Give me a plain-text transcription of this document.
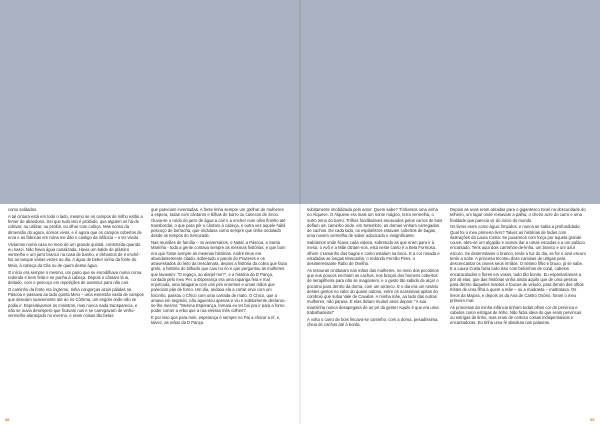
como soldados.

A tal cintura está em todo o lado, mesmo se os campos de milho estão a ferver de abandono. Sei que tudo isto é proibido, que alguém os há-de cultivar; ou utilizar, ou proibir, ou olhar com cobiça. Mas sonso da dimensão do agora, somos vivos, e é agora que os campos cobertos de erva e as fábricas em ruína me dão o castigo da infância – o ter vivido.

Vivíamos numa casa no meio de um grande quintal, construída quando eu nasci. Não havia água canalizada. Havia um balde de plástico vermelho e um jarro branco na casa de banho, e tínhamos de ir enchê-los ao tanque várias vezes ao dia. A água de beber vinha da fonte do Meio, à cabeça da Cila ou de quem desse água.

O início era sempre o mesmo, um pano que se enrodilhava numa coroa redonda e bem feita e se punha à cabeça. Depois o cântaro lá ia, deitado, com o pescoço em repetições de avestruz para não cair.

O caminho da fonte era íngreme, tinha congorças azuis pálidas na Páscoa e passava ao lado quinta Meio – uma extensão vasta de campos que desciam suavemente até ao rio Côrtima, um esgoto onde não se podia ir. Espreitávamos os ministros, mas nunca nada transparecia, e não se ouvia desespero que ficavam nus e se carregavam de vinho-vermelho-alaranjado no inverno, e eram coisas tão belas

que pareciam inventadas. A fonte tinha sempre um grelhar de mulheres à espera, todas com cântaros e bilhas de barro ou canecos de zinco. Ouvia-se o ruído do jarro de água a cair e a encher num olivo fininho até transbordar, o que para pôr o cântaro à cabeça, e outra vez aquele hábil pescoço de borracha, que ondulava como sempre que tinha ondulado desde os tempos do Xenozade.

Nas reuniões de família – os aniversários, o Natal, a Páscoa, a Santa Marinha - toda a gente contava sempre as mesmas histórias, e que bom era que fosse sempre as mesmas histórias. André Brun era abundantemente citado, sobretudo o parolo do Prazeres e os atravessados do leito da trescâmara, depois a história da cobra que fazia grelo, a história do bilhado que caiu no rio e que perguntou às mulheres que lavavam: "O regaço, ao alarjel-me?", e a história da D Pança, contada pelo meu Pei: a Esperança era uma rapariga feia e mal enjorcada, uma lataguina com uns pés enormes e umas mãos que pareciam pás de forno. Um dia, andava ela a cortar erva com um foicinho, passou o Chico com uma carrada de mato. O Chico, que a amava em segredo, não aguentou apenas e viu e subitamente declarou-se-lhe mesmo: "Menina Esperança, tomara eu ter boi pra ir para a forno poder comer a erba que a rua emissa mês colhem".

E por isso que para mim, esperança é sempre no Pai a chorar a rir, e, talvez, as mãos da D Pança

subitamente imobilizada pelo amor. Quem sabe? Tínhamos uma vinha no Alqueve. O Alqueve era mais um nome mágico, terra vermelha, o outro reino do barro. Trilhos fundibulares escavados pelos carros de bois deflam um caminho onde, em Setembro, as dornas vinham carregadas de cachos. De cada lado, os espitiréitros estavam cobertos de bagas, uma nuvem vermelha de sabor adocicado e insignificante.

Sabíamos onde ficava cada videira, sobretudo as que eram para ir à mesa; o Avô e a Mãe diziam-nos, esta neste canto é a Bela Formosa, olhem o tamanho dos bagos e como estalam na boca. E a cor rosada e estaladas as longas Moscatéis, o redondo Fernão Pires, o desinteressante Rabo de Ovelha.

As tesouras cintilavam nas mãos das mulheres, no meio dos pocotinos que eus poucos enchiam os cachos, nos braços dos homens cobertos de serapilheira para não se magoarem, e o gesto tão sabido de alçar o pocotrio para dentro da dorna, com um arranco. E o dia era um rosário destes gestos no calor do quase outono, entre os ocasionais apitos do comboio que subia Vale de Cavalos. A minha mãe, ao lado das outras mulheres, não parava. E elas diziam muitos anos depois: "A sua maezinha nunca desapegava de ao pé da gente! Aquilo é que era uma trabalhadeira!"

À volta o carro de bois fincava-se caminho, com a dorna, pesadíssima, cheia de cachos até à borda.

Depois as uvas eram atiradas para o gigantesco tonel na obscuridade do telheiro, um lugar onde reinavam a palha, o cheiro acre do carro e uma frialdade que parecia vir do início do mundo.

Os livros eram como água: limpidos, e nunca se sabia a profundidade. Qual foi o meu primeiro livro? Talvez as histórias de fadas com ilustrações da Laura Costa. Se puxarmos com força por aquela grande couve, abre-se um alçapão e vamos dar a umas escadas e a um palácio encantado. Tens aqui dois carrinhos-de-linha, um branco e um azul escuro. Se desenrolares o branco, terás a luz do dia, se for o azul escuro terás a noite. A princesa tricotou doze camisas de urtigas para descencantar os cisnes seus irmãos. O sétimo filho é bruxo, já se sabe. E a Laura Costa fazia tudo isso com belcinhos de coral, cabelos encaracolados e flores em vasos, tudo tão bonito. Eu espreitaríamos a por ali elas, que das histórias vinha ainda aquilo que de uma pessoa para dentro daqueles mantos e toucas de veludo, para dentro dos olhos tristes de uma filha a quem a mãe – ou a madrasta – maltratava. Os livros da Majora, e depois os da Ana de Castro Osório, foram o meu primeiro mar.

As princesas da minha infância tinham todas olhos cor de pervinca e cabelos como estrigas de linho. Não fazia ideia do que eram pervincas ou estrigas de linho, mas eram de certeza coisas indispensáveis e encantadoras. Eu tinha uma fé absoluta nas palavras.

58	59
